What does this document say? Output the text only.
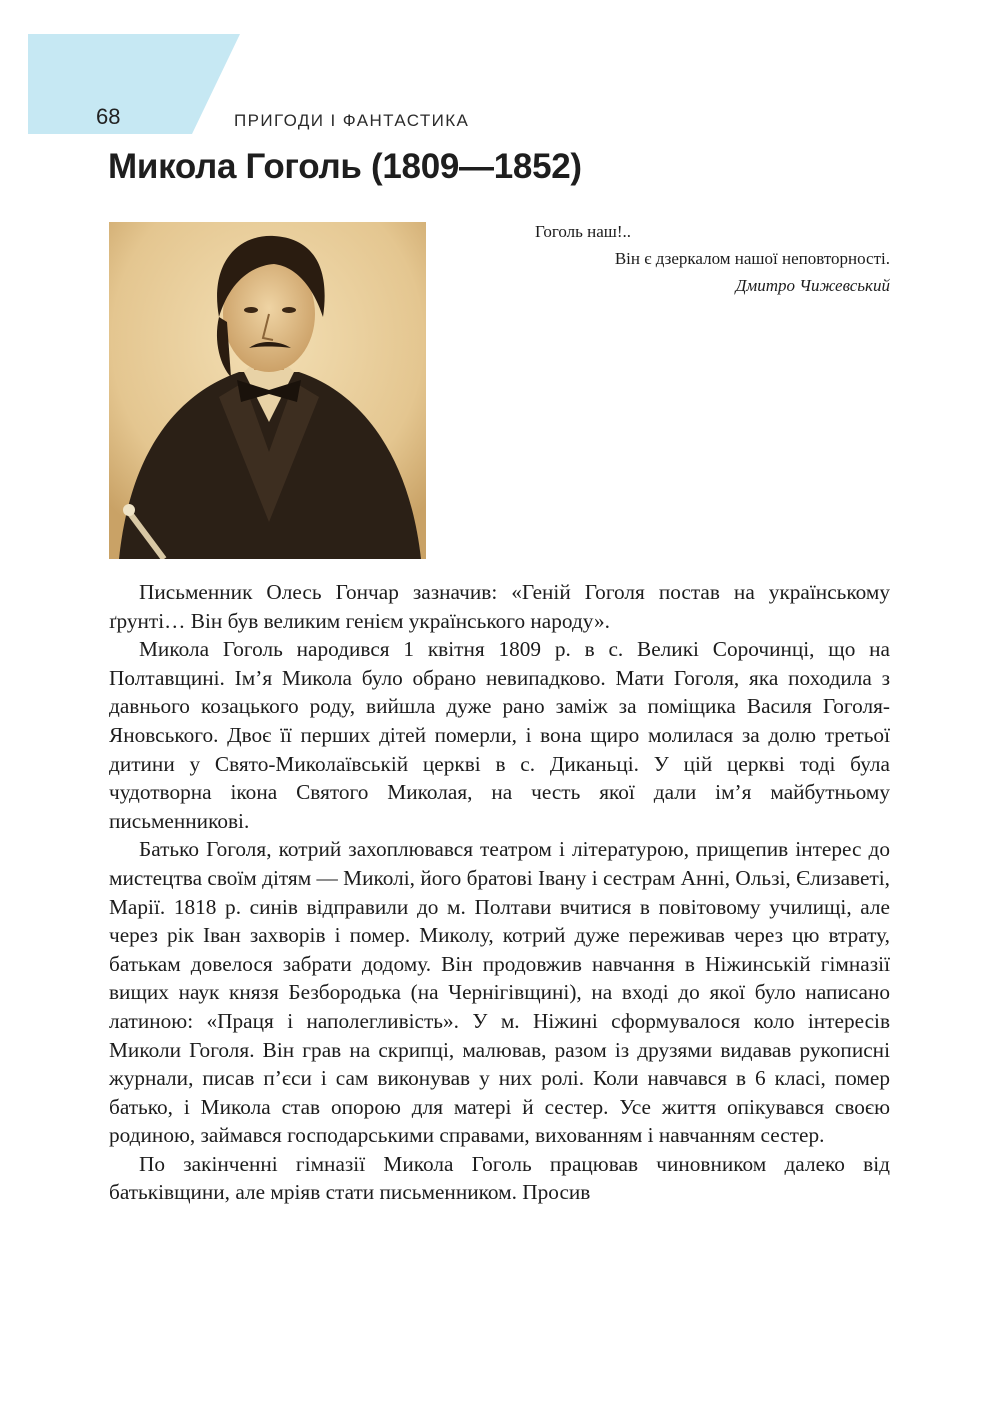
68	ПРИГОДИ І ФАНТАСТИКА
Микола Гоголь (1809—1852)
Гоголь наш!..
Він є дзеркалом нашої неповторності.
Дмитро Чижевський

Письменник Олесь Гончар зазначив: «Геній Гоголя постав на українському ґрунті… Він був великим генієм українського народу».

Микола Гоголь народився 1 квітня 1809 р. в с. Великі Сорочинці, що на Полтавщині. Ім’я Микола було обрано невипадково. Мати Гоголя, яка походила з давнього козацького роду, вийшла дуже рано заміж за поміщика Василя Гоголя-Яновського. Двоє її перших дітей померли, і вона щиро молилася за долю третьої дитини у Свято-Миколаївській церкві в с. Диканьці. У цій церкві тоді була чудотворна ікона Святого Миколая, на честь якої дали ім’я майбутньому письменникові.

Батько Гоголя, котрий захоплювався театром і літературою, прищепив інтерес до мистецтва своїм дітям — Миколі, його братові Івану і сестрам Анні, Ользі, Єлизаветі, Марії. 1818 р. синів відправили до м. Полтави вчитися в повітовому училищі, але через рік Іван захворів і помер. Миколу, котрий дуже переживав через цю втрату, батькам довелося забрати додому. Він продовжив навчання в Ніжинській гімназії вищих наук князя Безбородька (на Чернігівщині), на вході до якої було написано латиною: «Праця і наполегливість». У м. Ніжині сформувалося коло інтересів Миколи Гоголя. Він грав на скрипці, малював, разом із друзями видавав рукописні журнали, писав п’єси і сам виконував у них ролі. Коли навчався в 6 класі, помер батько, і Микола став опорою для матері й сестер. Усе життя опікувався своєю родиною, займався господарськими справами, вихованням і навчанням сестер.

По закінченні гімназії Микола Гоголь працював чиновником далеко від батьківщини, але мріяв стати письменником. Просив
